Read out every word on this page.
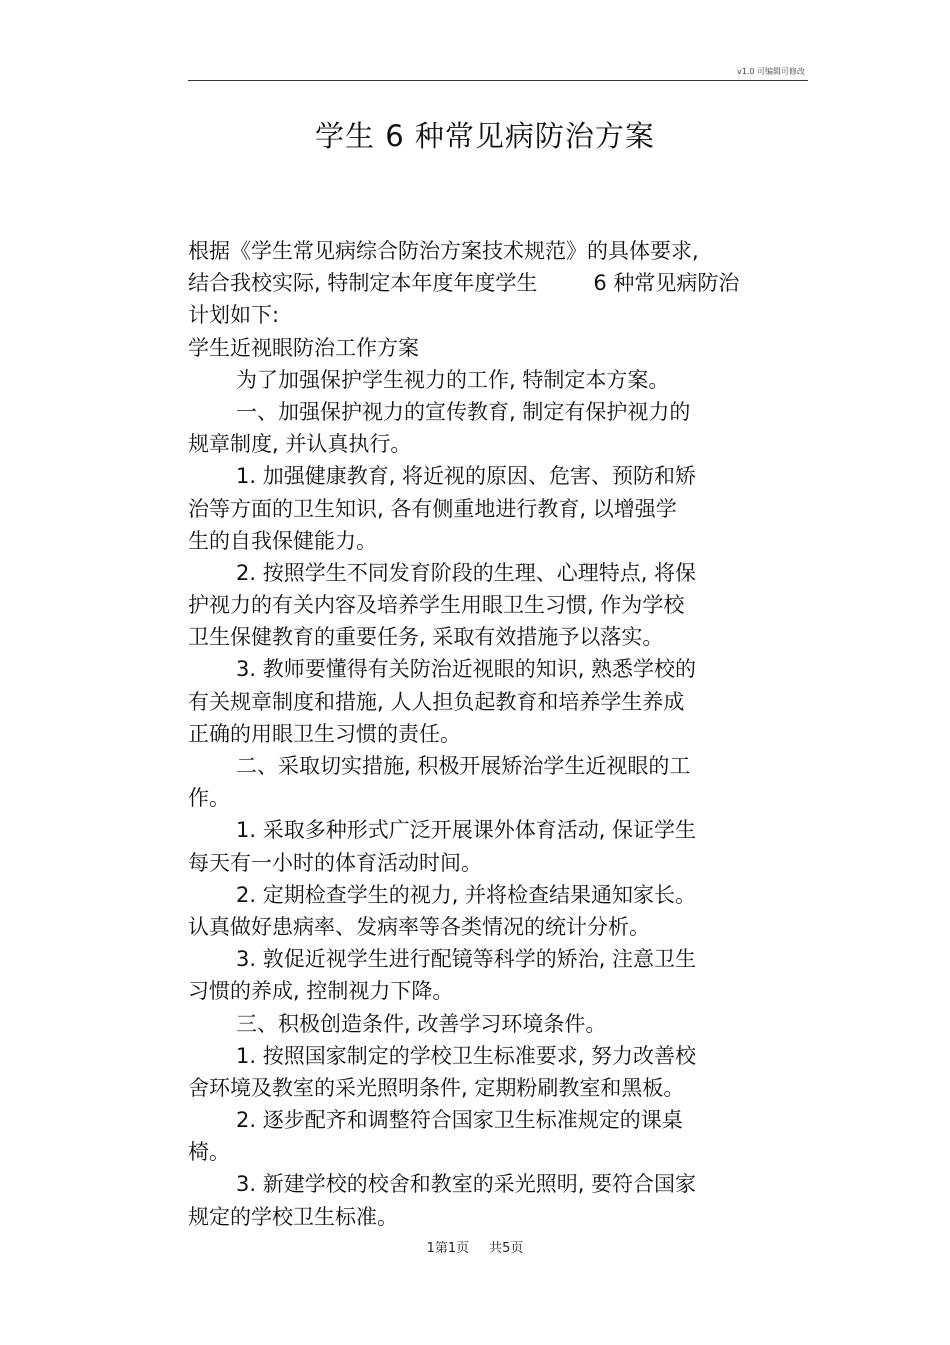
v1.0 可编辑可修改
学生 6 种常见病防治方案
根据《学生常见病综合防治方案技术规范》的具体要求,
结合我校实际, 特制定本年度年度学生	6 种常见病防治
计划如下:
学生近视眼防治工作方案
为了加强保护学生视力的工作, 特制定本方案。
一、加强保护视力的宣传教育, 制定有保护视力的
规章制度, 并认真执行。
1. 加强健康教育, 将近视的原因、危害、预防和矫
治等方面的卫生知识, 各有侧重地进行教育, 以增强学
生的自我保健能力。
2. 按照学生不同发育阶段的生理、心理特点, 将保
护视力的有关内容及培养学生用眼卫生习惯, 作为学校
卫生保健教育的重要任务, 采取有效措施予以落实。
3. 教师要懂得有关防治近视眼的知识, 熟悉学校的
有关规章制度和措施, 人人担负起教育和培养学生养成
正确的用眼卫生习惯的责任。
二、采取切实措施, 积极开展矫治学生近视眼的工
作。
1. 采取多种形式广泛开展课外体育活动, 保证学生
每天有一小时的体育活动时间。
2. 定期检查学生的视力, 并将检查结果通知家长。
认真做好患病率、发病率等各类情况的统计分析。
3. 敦促近视学生进行配镜等科学的矫治, 注意卫生
习惯的养成, 控制视力下降。
三、积极创造条件, 改善学习环境条件。
1. 按照国家制定的学校卫生标准要求, 努力改善校
舍环境及教室的采光照明条件, 定期粉刷教室和黑板。
2. 逐步配齐和调整符合国家卫生标准规定的课桌
椅。
3. 新建学校的校舍和教室的采光照明, 要符合国家
规定的学校卫生标准。
1第1页 共5页
